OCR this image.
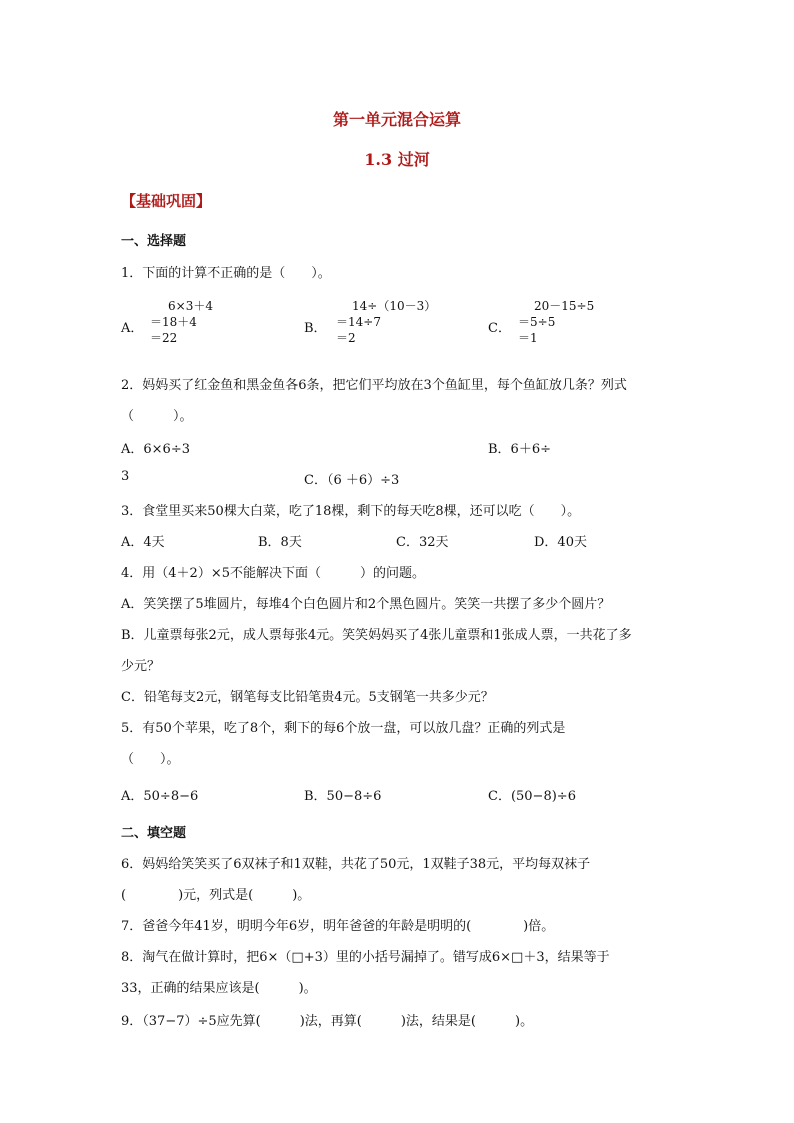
第一单元混合运算
1.3 过河
【基础巩固】
一、选择题
1．下面的计算不正确的是（　　）。
A．
6×3＋4
＝18＋4
＝22
B．
14÷（10－3）
＝14÷7
＝2
C．
20－15÷5
＝5÷5
＝1
2．妈妈买了红金鱼和黑金鱼各6条，把它们平均放在3个鱼缸里，每个鱼缸放几条？列式
（　　　）。
A．6×6÷3	B．6＋6÷
3	C．（6 ＋6）÷3
3．食堂里买来50棵大白菜，吃了18棵，剩下的每天吃8棵，还可以吃（　　）。
A．4天	B．8天	C．32天	D．40天
4．用（4＋2）×5不能解决下面（　　　）的问题。
A．笑笑摆了5堆圆片，每堆4个白色圆片和2个黑色圆片。笑笑一共摆了多少个圆片？
B．儿童票每张2元，成人票每张4元。笑笑妈妈买了4张儿童票和1张成人票，一共花了多
少元？
C．铅笔每支2元，钢笔每支比铅笔贵4元。5支钢笔一共多少元？
5．有50个苹果，吃了8个，剩下的每6个放一盘，可以放几盘？正确的列式是
（　　）。
A．50÷8−6	B．50−8÷6	C．(50−8)÷6
二、填空题
6．妈妈给笑笑买了6双袜子和1双鞋，共花了50元，1双鞋子38元，平均每双袜子
(　　　　)元，列式是(　　　)。
7．爸爸今年41岁，明明今年6岁，明年爸爸的年龄是明明的(　　　　)倍。
8．淘气在做计算时，把6×（□+3）里的小括号漏掉了。错写成6×□＋3，结果等于
33，正确的结果应该是(　　　)。
9．（37−7）÷5应先算(　　　)法，再算(　　　)法，结果是(　　　)。
